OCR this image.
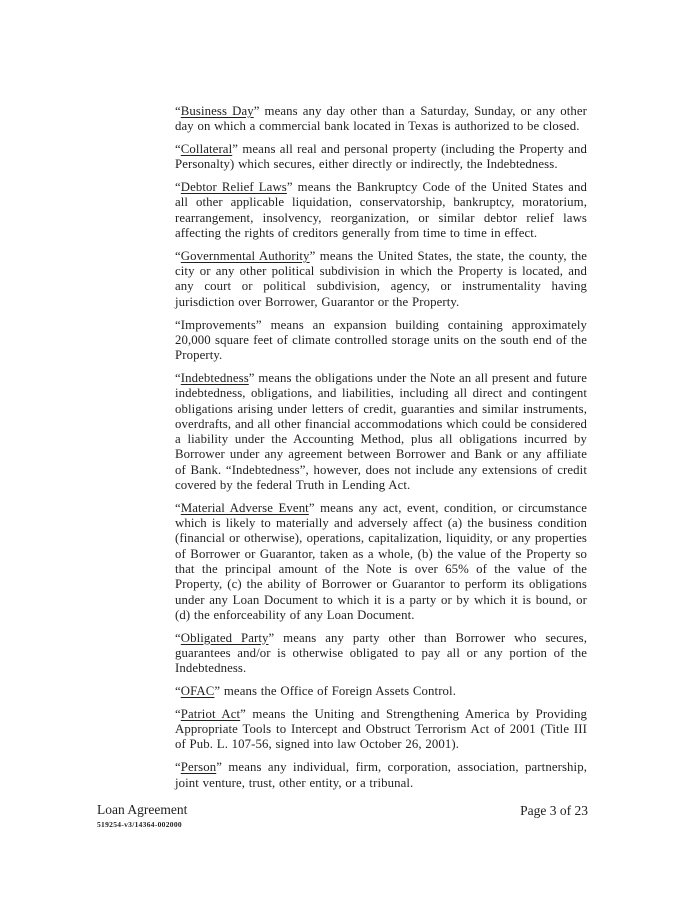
“Business Day” means any day other than a Saturday, Sunday, or any other day on which a commercial bank located in Texas is authorized to be closed.

“Collateral” means all real and personal property (including the Property and Personalty) which secures, either directly or indirectly, the Indebtedness.

“Debtor Relief Laws” means the Bankruptcy Code of the United States and all other applicable liquidation, conservatorship, bankruptcy, moratorium, rearrangement, insolvency, reorganization, or similar debtor relief laws affecting the rights of creditors generally from time to time in effect.

“Governmental Authority” means the United States, the state, the county, the city or any other political subdivision in which the Property is located, and any court or political subdivision, agency, or instrumentality having jurisdiction over Borrower, Guarantor or the Property.

“Improvements” means an expansion building containing approximately 20,000 square feet of climate controlled storage units on the south end of the Property.

“Indebtedness” means the obligations under the Note an all present and future indebtedness, obligations, and liabilities, including all direct and contingent obligations arising under letters of credit, guaranties and similar instruments, overdrafts, and all other financial accommodations which could be considered a liability under the Accounting Method, plus all obligations incurred by Borrower under any agreement between Borrower and Bank or any affiliate of Bank. “Indebtedness”, however, does not include any extensions of credit covered by the federal Truth in Lending Act.

“Material Adverse Event” means any act, event, condition, or circumstance which is likely to materially and adversely affect (a) the business condition (financial or otherwise), operations, capitalization, liquidity, or any properties of Borrower or Guarantor, taken as a whole, (b) the value of the Property so that the principal amount of the Note is over 65% of the value of the Property, (c) the ability of Borrower or Guarantor to perform its obligations under any Loan Document to which it is a party or by which it is bound, or (d) the enforceability of any Loan Document.

“Obligated Party” means any party other than Borrower who secures, guarantees and/or is otherwise obligated to pay all or any portion of the Indebtedness.

“OFAC” means the Office of Foreign Assets Control.

“Patriot Act” means the Uniting and Strengthening America by Providing Appropriate Tools to Intercept and Obstruct Terrorism Act of 2001 (Title III of Pub. L. 107-56, signed into law October 26, 2001).

“Person” means any individual, firm, corporation, association, partnership, joint venture, trust, other entity, or a tribunal.

Loan Agreement
519254-v3/14364-002000
Page 3 of 23
